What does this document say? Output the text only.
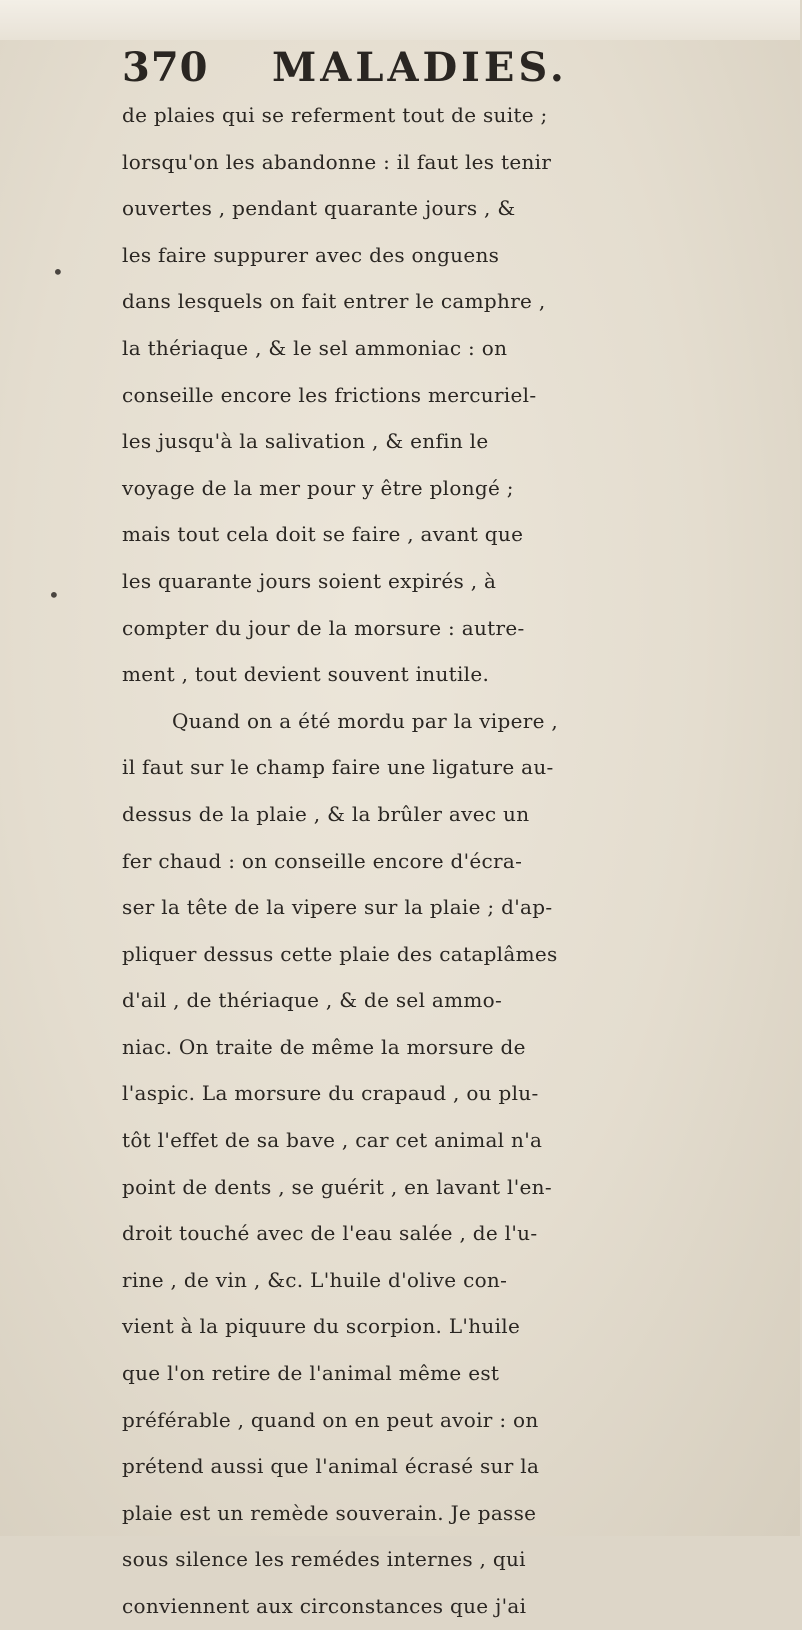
370 MALADIES.
•
•
de plaies qui se referment tout de suite ;
lorsqu'on les abandonne : il faut les tenir
ouvertes , pendant quarante jours , &
les faire suppurer avec des onguens
dans lesquels on fait entrer le camphre ,
la thériaque , & le sel ammoniac : on
conseille encore les frictions mercuriel-
les jusqu'à la salivation , & enfin le
voyage de la mer pour y être plongé ;
mais tout cela doit se faire , avant que
les quarante jours soient expirés , à
compter du jour de la morsure : autre-
ment , tout devient souvent inutile.
Quand on a été mordu par la vipere ,
il faut sur le champ faire une ligature au-
dessus de la plaie , & la brûler avec un
fer chaud : on conseille encore d'écra-
ser la tête de la vipere sur la plaie ; d'ap-
pliquer dessus cette plaie des cataplâmes
d'ail , de thériaque , & de sel ammo-
niac. On traite de même la morsure de
l'aspic. La morsure du crapaud , ou plu-
tôt l'effet de sa bave , car cet animal n'a
point de dents , se guérit , en lavant l'en-
droit touché avec de l'eau salée , de l'u-
rine , de vin , &c. L'huile d'olive con-
vient à la piquure du scorpion. L'huile
que l'on retire de l'animal même est
préférable , quand on en peut avoir : on
prétend aussi que l'animal écrasé sur la
plaie est un remède souverain. Je passe
sous silence les remédes internes , qui
conviennent aux circonstances que j'ai
